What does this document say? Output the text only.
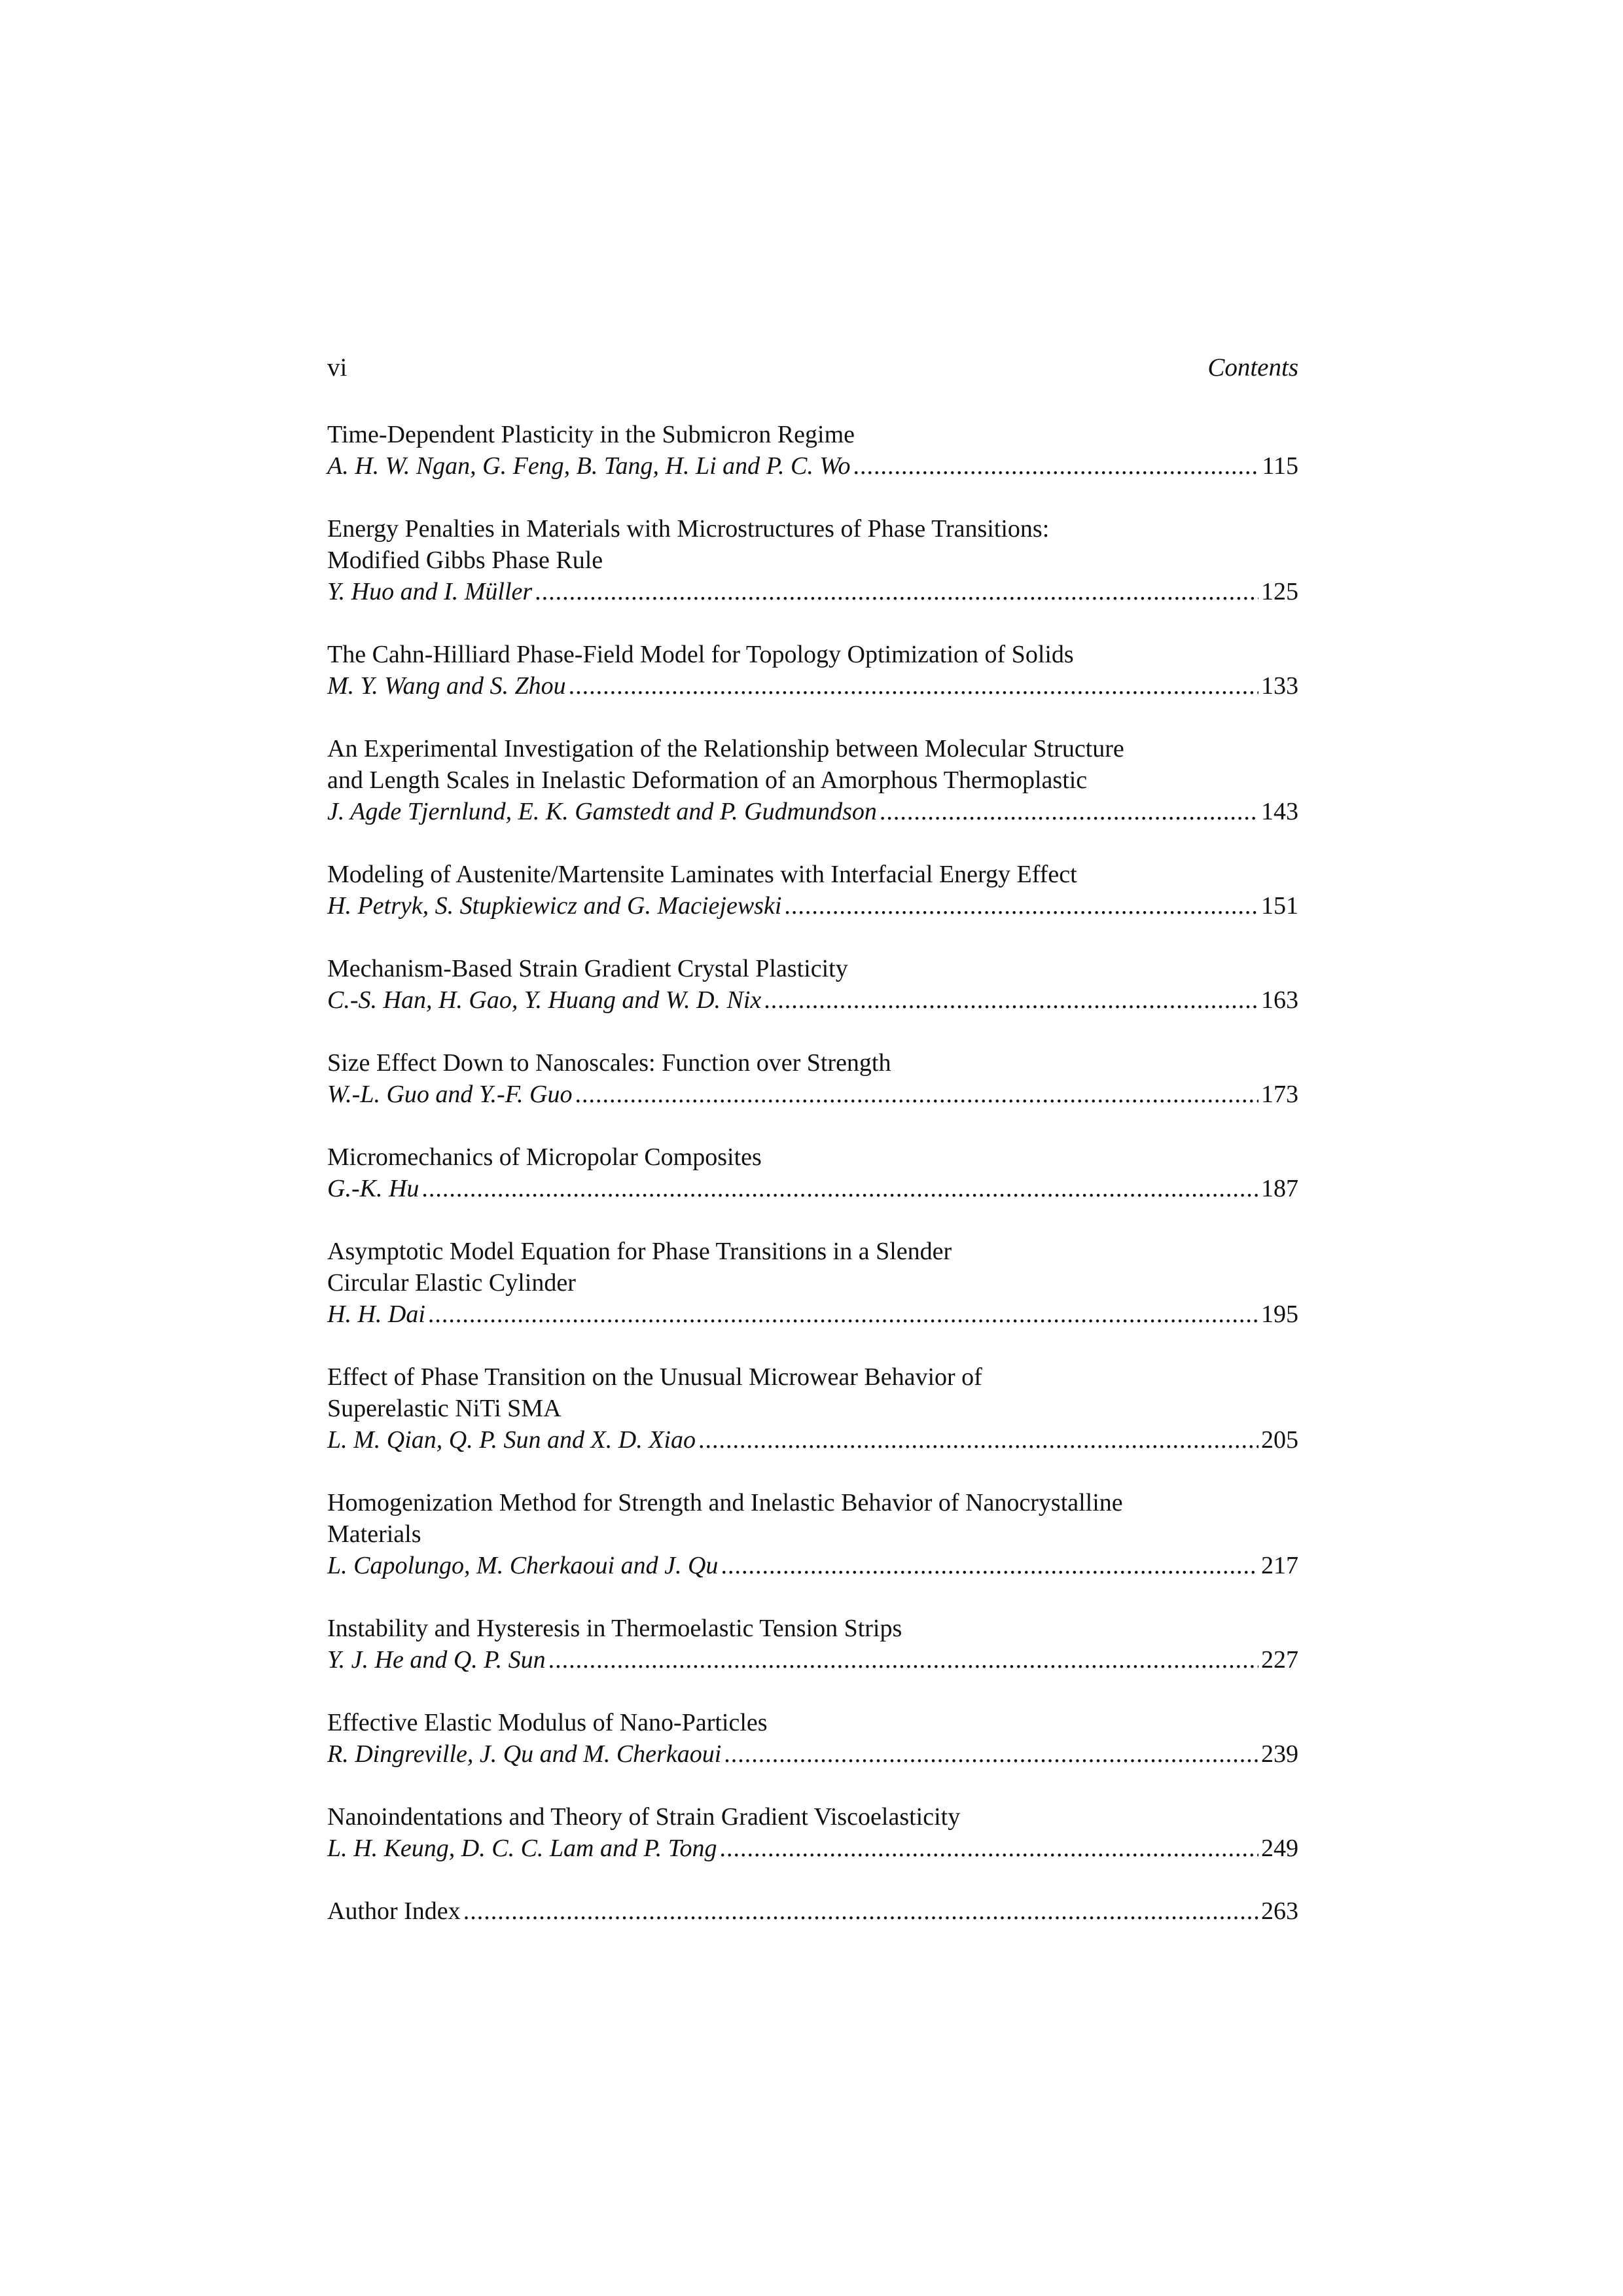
vi	Contents
Time-Dependent Plasticity in the Submicron Regime
A. H. W. Ngan, G. Feng, B. Tang, H. Li and P. C. Wo .....	115
Energy Penalties in Materials with Microstructures of Phase Transitions:
Modified Gibbs Phase Rule
Y. Huo and I. Müller .....	125
The Cahn-Hilliard Phase-Field Model for Topology Optimization of Solids
M. Y. Wang and S. Zhou .....	133
An Experimental Investigation of the Relationship between Molecular Structure
and Length Scales in Inelastic Deformation of an Amorphous Thermoplastic
J. Agde Tjernlund, E. K. Gamstedt and P. Gudmundson .....	143
Modeling of Austenite/Martensite Laminates with Interfacial Energy Effect
H. Petryk, S. Stupkiewicz and G. Maciejewski .....	151
Mechanism-Based Strain Gradient Crystal Plasticity
C.-S. Han, H. Gao, Y. Huang and W. D. Nix .....	163
Size Effect Down to Nanoscales: Function over Strength
W.-L. Guo and Y.-F. Guo .....	173
Micromechanics of Micropolar Composites
G.-K. Hu .....	187
Asymptotic Model Equation for Phase Transitions in a Slender
Circular Elastic Cylinder
H. H. Dai .....	195
Effect of Phase Transition on the Unusual Microwear Behavior of
Superelastic NiTi SMA
L. M. Qian, Q. P. Sun and X. D. Xiao .....	205
Homogenization Method for Strength and Inelastic Behavior of Nanocrystalline
Materials
L. Capolungo, M. Cherkaoui and J. Qu .....	217
Instability and Hysteresis in Thermoelastic Tension Strips
Y. J. He and Q. P. Sun .....	227
Effective Elastic Modulus of Nano-Particles
R. Dingreville, J. Qu and M. Cherkaoui .....	239
Nanoindentations and Theory of Strain Gradient Viscoelasticity
L. H. Keung, D. C. C. Lam and P. Tong .....	249
Author Index .....	263
